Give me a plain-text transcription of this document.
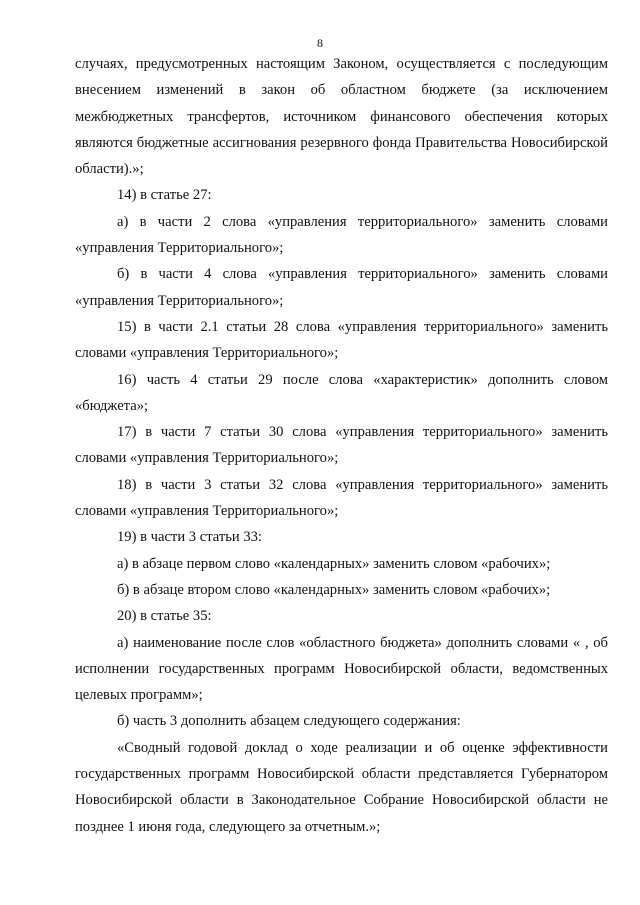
8

случаях, предусмотренных настоящим Законом, осуществляется с последующим внесением изменений в закон об областном бюджете (за исключением межбюджетных трансфертов, источником финансового обеспечения которых являются бюджетные ассигнования резервного фонда Правительства Новосибирской области).»;

14) в статье 27:

а) в части 2 слова «управления территориального» заменить словами «управления Территориального»;

б) в части 4 слова «управления территориального» заменить словами «управления Территориального»;

15) в части 2.1 статьи 28 слова «управления территориального» заменить словами «управления Территориального»;

16) часть 4 статьи 29 после слова «характеристик» дополнить словом «бюджета»;

17) в части 7 статьи 30 слова «управления территориального» заменить словами «управления Территориального»;

18) в части 3 статьи 32 слова «управления территориального» заменить словами «управления Территориального»;

19) в части 3 статьи 33:

а) в абзаце первом слово «календарных» заменить словом «рабочих»;

б) в абзаце втором слово «календарных» заменить словом «рабочих»;

20) в статье 35:

а) наименование после слов «областного бюджета» дополнить словами « , об исполнении государственных программ Новосибирской области, ведомственных целевых программ»;

б) часть 3 дополнить абзацем следующего содержания:

«Сводный годовой доклад о ходе реализации и об оценке эффективности государственных программ Новосибирской области представляется Губернатором Новосибирской области в Законодательное Собрание Новосибирской области не позднее 1 июня года, следующего за отчетным.»;
